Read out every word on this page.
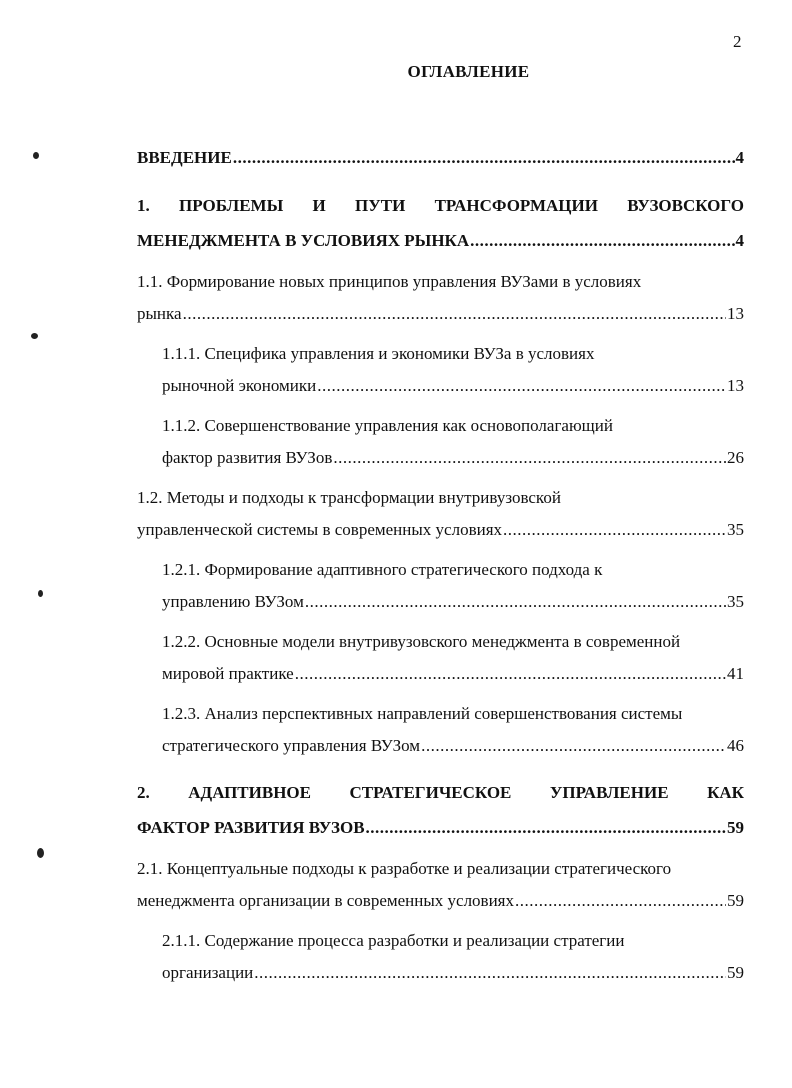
2
ОГЛАВЛЕНИЕ
ВВЕДЕНИЕ .....	4
1. ПРОБЛЕМЫ И ПУТИ ТРАНСФОРМАЦИИ ВУЗОВСКОГО
МЕНЕДЖМЕНТА В УСЛОВИЯХ РЫНКА .....	4
1.1. Формирование новых принципов управления ВУЗами в условиях
рынка .....	13
1.1.1. Специфика управления и экономики ВУЗа в условиях
рыночной экономики .....	13
1.1.2. Совершенствование управления как основополагающий
фактор развития ВУЗов .....	26
1.2. Методы и подходы к трансформации внутривузовской
управленческой системы в современных условиях .....	35
1.2.1. Формирование адаптивного стратегического подхода к
управлению ВУЗом .....	35
1.2.2. Основные модели внутривузовского менеджмента в современной
мировой практике .....	41
1.2.3. Анализ перспективных направлений совершенствования системы
стратегического управления ВУЗом .....	46
2. АДАПТИВНОЕ СТРАТЕГИЧЕСКОЕ УПРАВЛЕНИЕ КАК
ФАКТОР РАЗВИТИЯ ВУЗОВ .....	59
2.1. Концептуальные подходы к разработке и реализации стратегического
менеджмента организации в современных условиях .....	59
2.1.1. Содержание процесса разработки и реализации стратегии
организации .....	59
